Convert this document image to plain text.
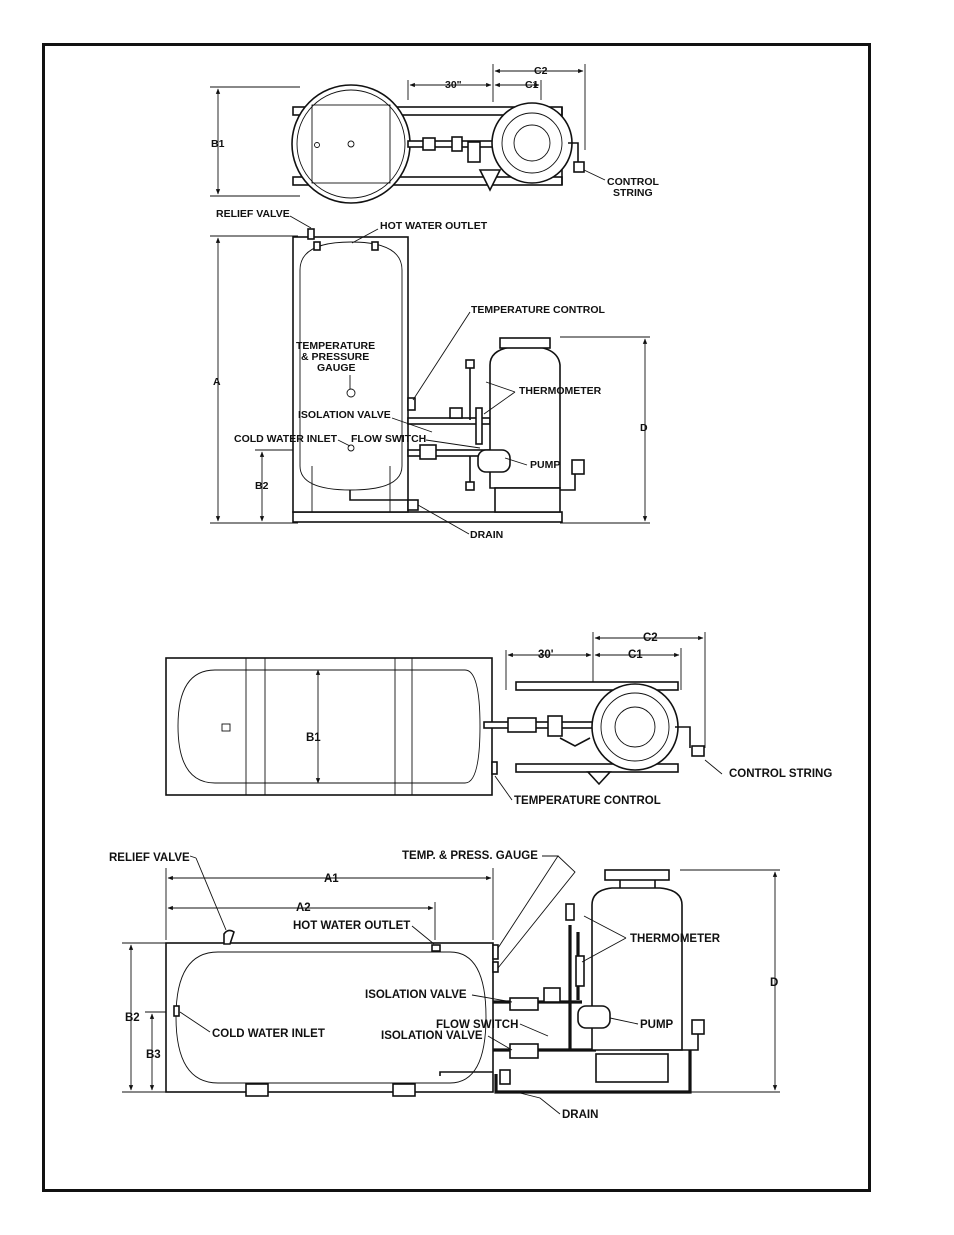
CONTROL
STRING
C2
C1
30"
B1
A
B2
D
RELIEF VALVE
HOT WATER OUTLET
TEMPERATURE CONTROL
TEMPERATURE
& PRESSURE
GAUGE
THERMOMETER
ISOLATION VALVE
COLD WATER INLET FLOW SWITCH
PUMP
DRAIN
C2
C1
30'
B1
CONTROL STRING
TEMPERATURE CONTROL
A1
A2
B2
B3
D
RELIEF VALVE	TEMP. & PRESS. GAUGE
HOT WATER OUTLET
THERMOMETER
ISOLATION VALVE
COLD WATER INLET
FLOW SWITCH
ISOLATION VALVE
PUMP
DRAIN
